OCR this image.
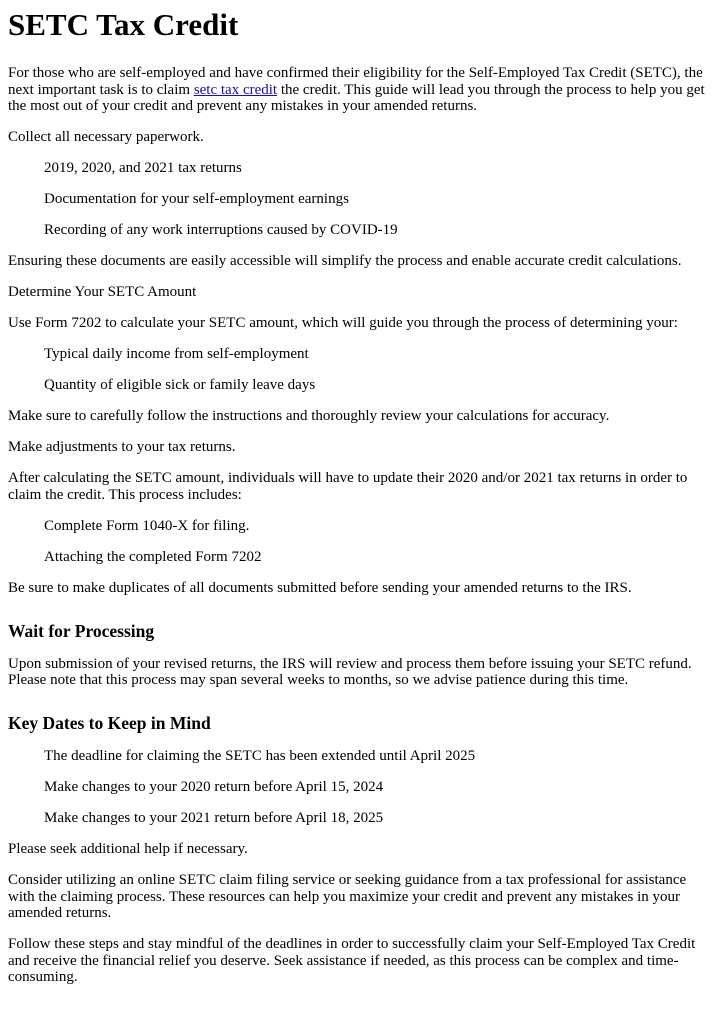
SETC Tax Credit

For those who are self-employed and have confirmed their eligibility for the Self-Employed Tax Credit (SETC), the next important task is to claim setc tax credit the credit. This guide will lead you through the process to help you get the most out of your credit and prevent any mistakes in your amended returns.

Collect all necessary paperwork.

2019, 2020, and 2021 tax returns

Documentation for your self-employment earnings

Recording of any work interruptions caused by COVID-19

Ensuring these documents are easily accessible will simplify the process and enable accurate credit calculations.

Determine Your SETC Amount

Use Form 7202 to calculate your SETC amount, which will guide you through the process of determining your:

Typical daily income from self-employment

Quantity of eligible sick or family leave days

Make sure to carefully follow the instructions and thoroughly review your calculations for accuracy.

Make adjustments to your tax returns.

After calculating the SETC amount, individuals will have to update their 2020 and/or 2021 tax returns in order to claim the credit. This process includes:

Complete Form 1040-X for filing.

Attaching the completed Form 7202

Be sure to make duplicates of all documents submitted before sending your amended returns to the IRS.

Wait for Processing

Upon submission of your revised returns, the IRS will review and process them before issuing your SETC refund. Please note that this process may span several weeks to months, so we advise patience during this time.

Key Dates to Keep in Mind

The deadline for claiming the SETC has been extended until April 2025

Make changes to your 2020 return before April 15, 2024

Make changes to your 2021 return before April 18, 2025

Please seek additional help if necessary.

Consider utilizing an online SETC claim filing service or seeking guidance from a tax professional for assistance with the claiming process. These resources can help you maximize your credit and prevent any mistakes in your amended returns.

Follow these steps and stay mindful of the deadlines in order to successfully claim your Self-Employed Tax Credit and receive the financial relief you deserve. Seek assistance if needed, as this process can be complex and time-consuming.
